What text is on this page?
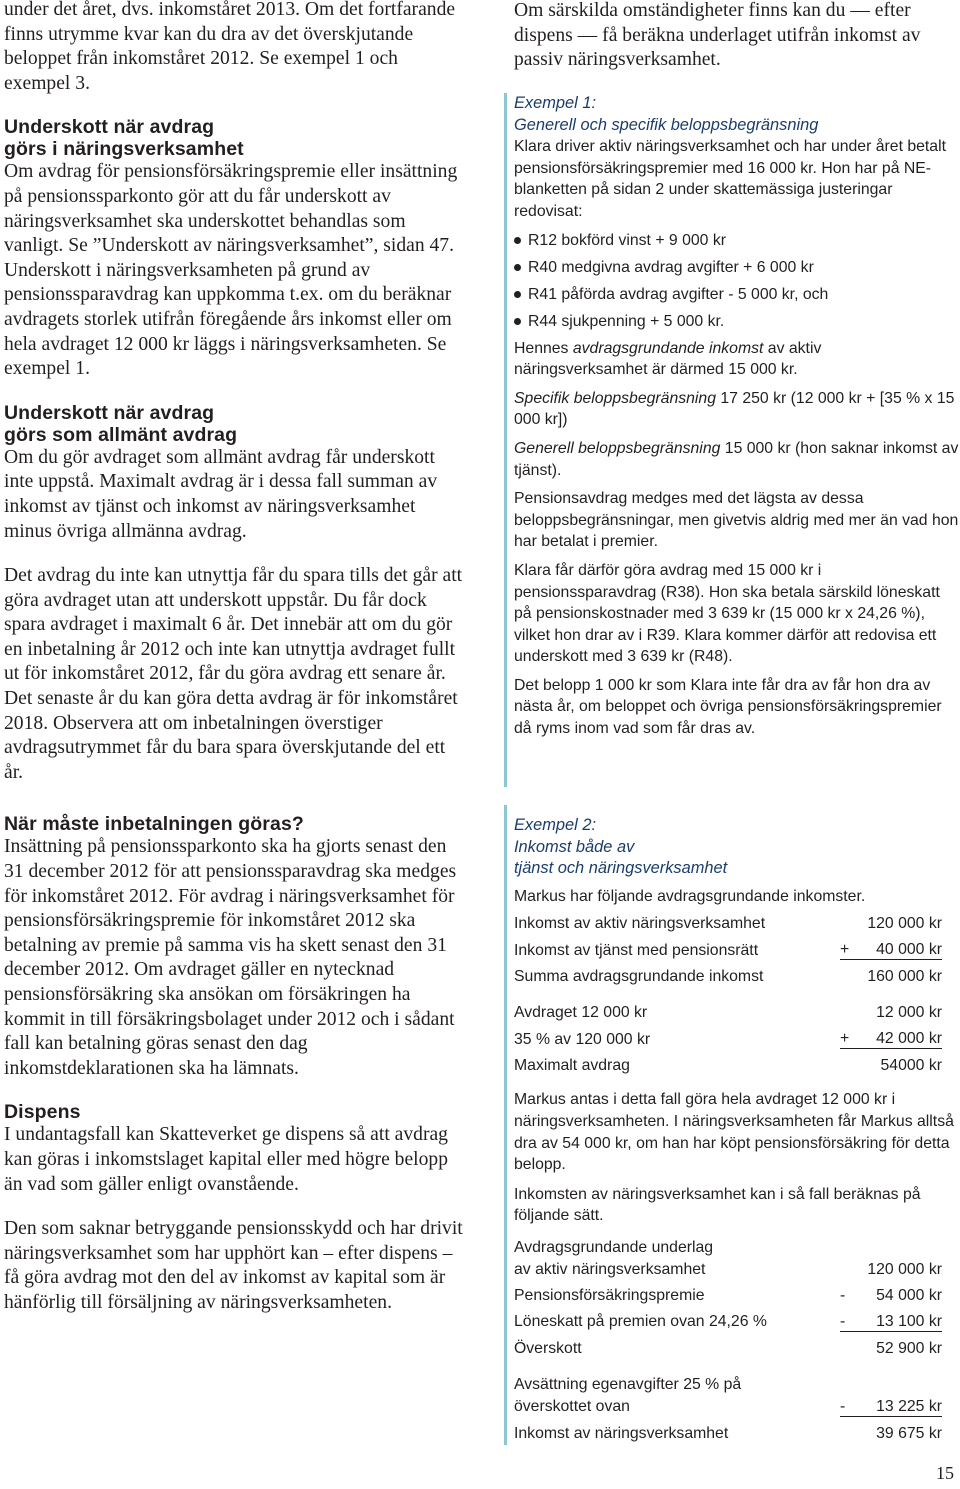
under det året, dvs. inkomståret 2013. Om det fortfarande finns utrymme kvar kan du dra av det överskjutande beloppet från inkomståret 2012. Se exempel 1 och exempel 3.

Underskott när avdrag
görs i näringsverksamhet

Om avdrag för pensionsförsäkringspremie eller insättning på pensionssparkonto gör att du får underskott av näringsverksamhet ska underskottet behandlas som vanligt. Se ”Underskott av näringsverksamhet”, sidan 47. Underskott i näringsverksamheten på grund av pensionssparavdrag kan uppkomma t.ex. om du beräknar avdragets storlek utifrån föregående års inkomst eller om hela avdraget 12 000 kr läggs i näringsverksamheten. Se exempel 1.

Underskott när avdrag
görs som allmänt avdrag

Om du gör avdraget som allmänt avdrag får underskott inte uppstå. Maximalt avdrag är i dessa fall summan av inkomst av tjänst och inkomst av näringsverksamhet minus övriga allmänna avdrag.

Det avdrag du inte kan utnyttja får du spara tills det går att göra avdraget utan att underskott uppstår. Du får dock spara avdraget i maximalt 6 år. Det innebär att om du gör en inbetalning år 2012 och inte kan utnyttja avdraget fullt ut för inkomståret 2012, får du göra avdrag ett senare år. Det senaste år du kan göra detta avdrag är för inkomståret 2018. Observera att om inbetalningen överstiger avdragsutrymmet får du bara spara överskjutande del ett år.

När måste inbetalningen göras?

Insättning på pensionssparkonto ska ha gjorts senast den 31 december 2012 för att pensionssparavdrag ska medges för inkomståret 2012. För avdrag i näringsverksamhet för pensionsförsäkringspremie för inkomståret 2012 ska betalning av premie på samma vis ha skett senast den 31 december 2012. Om avdraget gäller en nytecknad pensionsförsäkring ska ansökan om försäkringen ha kommit in till försäkringsbolaget under 2012 och i sådant fall kan betalning göras senast den dag inkomstdeklarationen ska ha lämnats.

Dispens

I undantagsfall kan Skatteverket ge dispens så att avdrag kan göras i inkomstslaget kapital eller med högre belopp än vad som gäller enligt ovanstående.

Den som saknar betryggande pensionsskydd och har drivit näringsverksamhet som har upphört kan – efter dispens – få göra avdrag mot den del av inkomst av kapital som är hänförlig till försäljning av näringsverksamheten.

Om särskilda omständigheter finns kan du — efter dispens — få beräkna underlaget utifrån inkomst av passiv näringsverksamhet.

Exempel 1:
Generell och specifik beloppsbegränsning

Klara driver aktiv näringsverksamhet och har under året betalt pensionsförsäkringspremier med 16 000 kr. Hon har på NE-blanketten på sidan 2 under skattemässiga justeringar redovisat:

R12 bokförd vinst + 9 000 kr
R40 medgivna avdrag avgifter + 6 000 kr
R41 påförda avdrag avgifter - 5 000 kr, och
R44 sjukpenning + 5 000 kr.

Hennes avdragsgrundande inkomst av aktiv näringsverksamhet är därmed 15 000 kr.

Specifik beloppsbegränsning 17 250 kr (12 000 kr + [35 % x 15 000 kr])

Generell beloppsbegränsning 15 000 kr (hon saknar inkomst av tjänst).

Pensionsavdrag medges med det lägsta av dessa beloppsbegränsningar, men givetvis aldrig med mer än vad hon har betalat i premier.

Klara får därför göra avdrag med 15 000 kr i pensionssparavdrag (R38). Hon ska betala särskild löneskatt på pensionskostnader med 3 639 kr (15 000 kr x 24,26 %), vilket hon drar av i R39. Klara kommer därför att redovisa ett underskott med 3 639 kr (R48).

Det belopp 1 000 kr som Klara inte får dra av får hon dra av nästa år, om beloppet och övriga pensionsförsäkringspremier då ryms inom vad som får dras av.

Exempel 2:
Inkomst både av
tjänst och näringsverksamhet

Markus har följande avdragsgrundande inkomster.

Inkomst av aktiv näringsverksamhet		120 000 kr
Inkomst av tjänst med pensionsrätt	+	40 000 kr
Summa avdragsgrundande inkomst		160 000 kr
Avdraget 12 000 kr		12 000 kr
35 % av 120 000 kr	+	42 000 kr
Maximalt avdrag		54000 kr

Markus antas i detta fall göra hela avdraget 12 000 kr i näringsverksamheten. I näringsverksamheten får Markus alltså dra av 54 000 kr, om han har köpt pensionsförsäkring för detta belopp.

Inkomsten av näringsverksamhet kan i så fall beräknas på följande sätt.

Avdragsgrundande underlag		
av aktiv näringsverksamhet		120 000 kr
Pensionsförsäkringspremie	-	54 000 kr
Löneskatt på premien ovan 24,26 %	-	13 100 kr
Överskott		52 900 kr
Avsättning egenavgifter 25 % på		
överskottet ovan	-	13 225 kr
Inkomst av näringsverksamhet		39 675 kr
15
